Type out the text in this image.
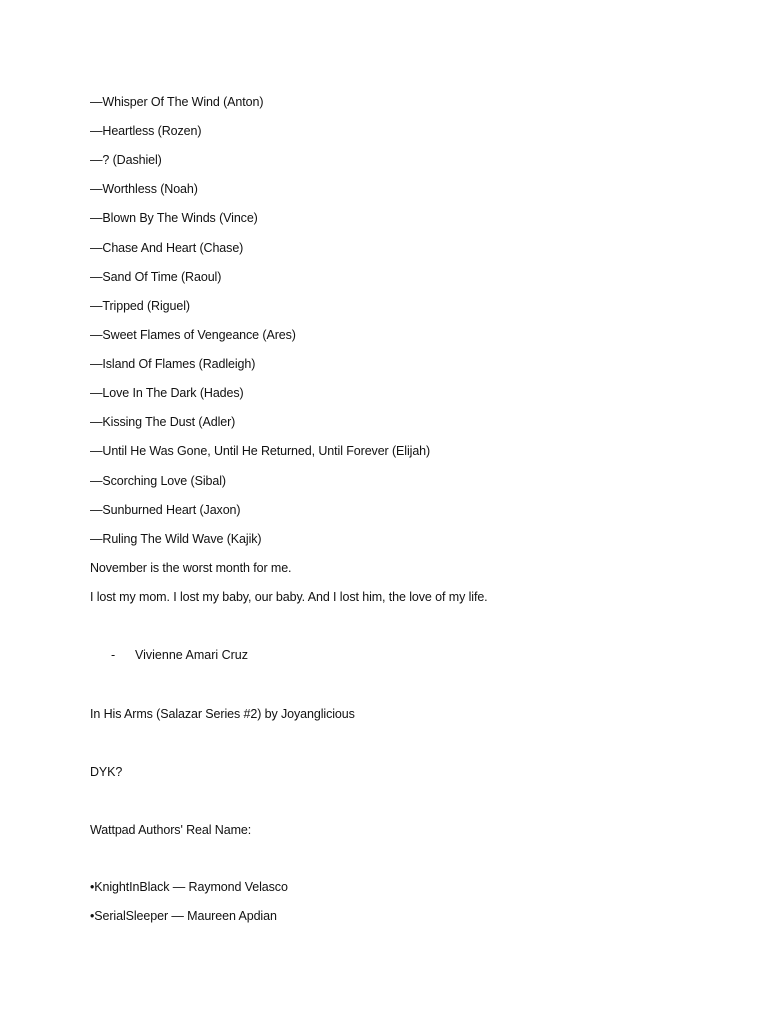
—Whisper Of The Wind (Anton)
—Heartless (Rozen)
—? (Dashiel)
—Worthless (Noah)
—Blown By The Winds (Vince)
—Chase And Heart (Chase)
—Sand Of Time (Raoul)
—Tripped (Riguel)
—Sweet Flames of Vengeance (Ares)
—Island Of Flames (Radleigh)
—Love In The Dark (Hades)
—Kissing The Dust (Adler)
—Until He Was Gone, Until He Returned, Until Forever (Elijah)
—Scorching Love (Sibal)
—Sunburned Heart (Jaxon)
—Ruling The Wild Wave (Kajik)
November is the worst month for me.
I lost my mom. I lost my baby, our baby. And I lost him, the love of my life.
- Vivienne Amari Cruz
In His Arms (Salazar Series #2) by Joyanglicious
DYK?
Wattpad Authors' Real Name:
•KnightInBlack — Raymond Velasco
•SerialSleeper — Maureen Apdian
